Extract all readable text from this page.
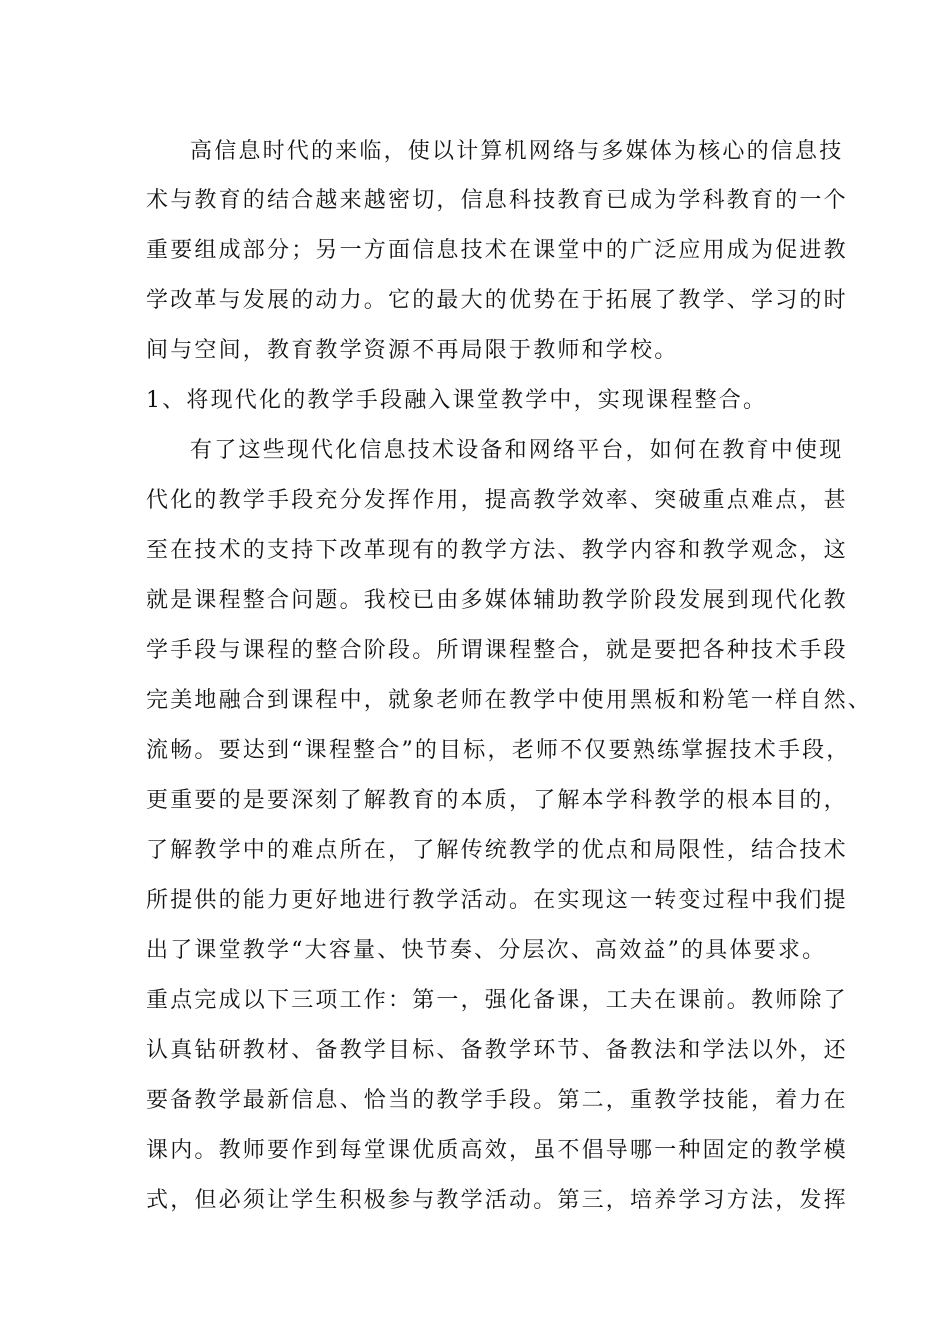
高信息时代的来临，使以计算机网络与多媒体为核心的信息技
术与教育的结合越来越密切，信息科技教育已成为学科教育的一个
重要组成部分；另一方面信息技术在课堂中的广泛应用成为促进教
学改革与发展的动力。它的最大的优势在于拓展了教学、学习的时
间与空间，教育教学资源不再局限于教师和学校。
1、将现代化的教学手段融入课堂教学中，实现课程整合。
有了这些现代化信息技术设备和网络平台，如何在教育中使现
代化的教学手段充分发挥作用，提高教学效率、突破重点难点，甚
至在技术的支持下改革现有的教学方法、教学内容和教学观念，这
就是课程整合问题。我校已由多媒体辅助教学阶段发展到现代化教
学手段与课程的整合阶段。所谓课程整合，就是要把各种技术手段
完美地融合到课程中，就象老师在教学中使用黑板和粉笔一样自然、
流畅。要达到“课程整合”的目标，老师不仅要熟练掌握技术手段，
更重要的是要深刻了解教育的本质，了解本学科教学的根本目的，
了解教学中的难点所在，了解传统教学的优点和局限性，结合技术
所提供的能力更好地进行教学活动。在实现这一转变过程中我们提
出了课堂教学“大容量、快节奏、分层次、高效益”的具体要求。
重点完成以下三项工作：第一，强化备课，工夫在课前。教师除了
认真钻研教材、备教学目标、备教学环节、备教法和学法以外，还
要备教学最新信息、恰当的教学手段。第二，重教学技能，着力在
课内。教师要作到每堂课优质高效，虽不倡导哪一种固定的教学模
式，但必须让学生积极参与教学活动。第三，培养学习方法，发挥
